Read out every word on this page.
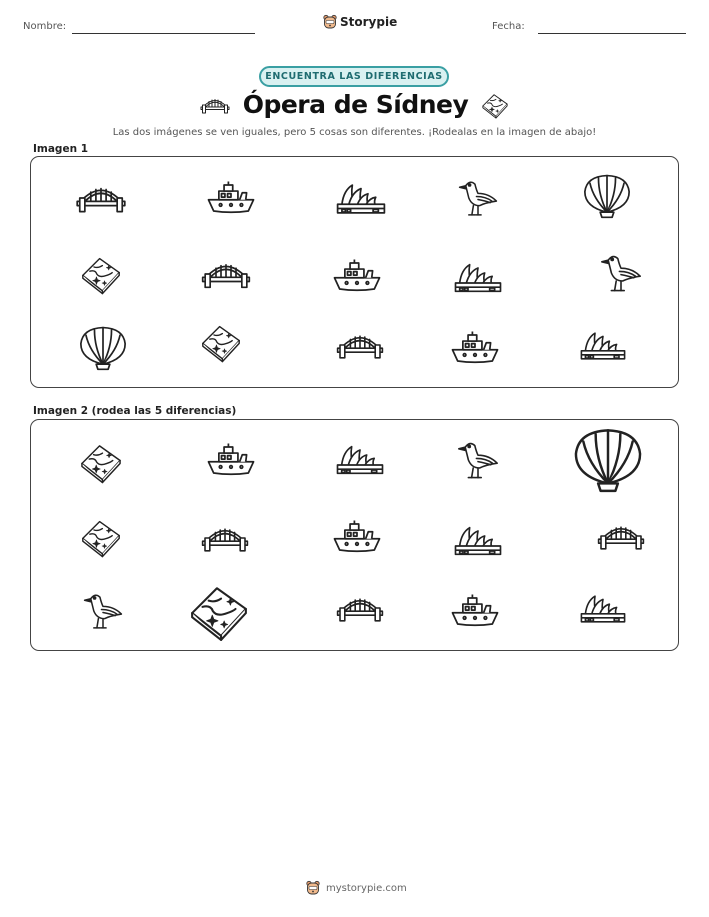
Nombre:	Storypie	Fecha:
ENCUENTRA LAS DIFERENCIAS
Ópera de Sídney
Las dos imágenes se ven iguales, pero 5 cosas son diferentes. ¡Rodealas en la imagen de abajo!
Imagen 1
Imagen 2 (rodea las 5 diferencias)
mystorypie.com
